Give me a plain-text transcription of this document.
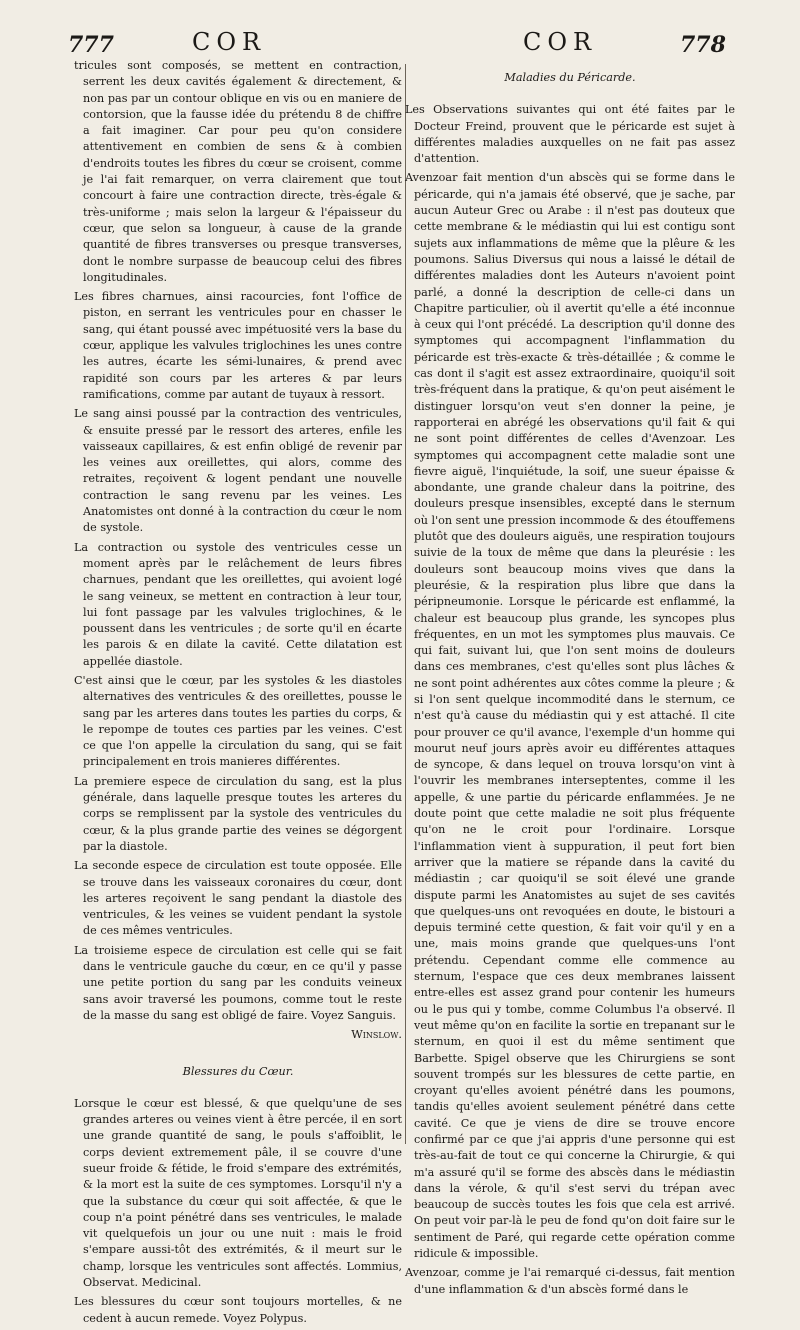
777	COR	COR	778

tricules sont composés, se mettent en contraction, serrent les deux cavités également & directement, & non pas par un contour oblique en vis ou en maniere de contorsion, que la fausse idée du prétendu 8 de chiffre a fait imaginer. Car pour peu qu'on considere attentivement en combien de sens & à combien d'endroits toutes les fibres du cœur se croisent, comme je l'ai fait remarquer, on verra clairement que tout concourt à faire une contraction directe, très-égale & très-uniforme ; mais selon la largeur & l'épaisseur du cœur, que selon sa longueur, à cause de la grande quantité de fibres transverses ou presque transverses, dont le nombre surpasse de beaucoup celui des fibres longitudinales.

Les fibres charnues, ainsi racourcies, font l'office de piston, en serrant les ventricules pour en chasser le sang, qui étant poussé avec impétuosité vers la base du cœur, applique les valvules triglochines les unes contre les autres, écarte les sémi-lunaires, & prend avec rapidité son cours par les arteres & par leurs ramifications, comme par autant de tuyaux à ressort.

Le sang ainsi poussé par la contraction des ventricules, & ensuite pressé par le ressort des arteres, enfile les vaisseaux capillaires, & est enfin obligé de revenir par les veines aux oreillettes, qui alors, comme des retraites, reçoivent & logent pendant une nouvelle contraction le sang revenu par les veines. Les Anatomistes ont donné à la contraction du cœur le nom de systole.

La contraction ou systole des ventricules cesse un moment après par le relâchement de leurs fibres charnues, pendant que les oreillettes, qui avoient logé le sang veineux, se mettent en contraction à leur tour, lui font passage par les valvules triglochines, & le poussent dans les ventricules ; de sorte qu'il en écarte les parois & en dilate la cavité. Cette dilatation est appellée diastole.

C'est ainsi que le cœur, par les systoles & les diastoles alternatives des ventricules & des oreillettes, pousse le sang par les arteres dans toutes les parties du corps, & le repompe de toutes ces parties par les veines. C'est ce que l'on appelle la circulation du sang, qui se fait principalement en trois manieres différentes.

La premiere espece de circulation du sang, est la plus générale, dans laquelle presque toutes les arteres du corps se remplissent par la systole des ventricules du cœur, & la plus grande partie des veines se dégorgent par la diastole.

La seconde espece de circulation est toute opposée. Elle se trouve dans les vaisseaux coronaires du cœur, dont les arteres reçoivent le sang pendant la diastole des ventricules, & les veines se vuident pendant la systole de ces mêmes ventricules.

La troisieme espece de circulation est celle qui se fait dans le ventricule gauche du cœur, en ce qu'il y passe une petite portion du sang par les conduits veineux sans avoir traversé les poumons, comme tout le reste de la masse du sang est obligé de faire. Voyez Sanguis.

Winslow.

Blessures du Cœur.

Lorsque le cœur est blessé, & que quelqu'une de ses grandes arteres ou veines vient à être percée, il en sort une grande quantité de sang, le pouls s'affoiblit, le corps devient extremement pâle, il se couvre d'une sueur froide & fétide, le froid s'empare des extrémités, & la mort est la suite de ces symptomes. Lorsqu'il n'y a que la substance du cœur qui soit affectée, & que le coup n'a point pénétré dans ses ventricules, le malade vit quelquefois un jour ou une nuit : mais le froid s'empare aussi-tôt des extrémités, & il meurt sur le champ, lorsque les ventricules sont affectés. Lommius, Observat. Medicinal.

Les blessures du cœur sont toujours mortelles, & ne cedent à aucun remede. Voyez Polypus.

Maladies du Péricarde.

Les Observations suivantes qui ont été faites par le Docteur Freind, prouvent que le péricarde est sujet à différentes maladies auxquelles on ne fait pas assez d'attention.

Avenzoar fait mention d'un abscès qui se forme dans le péricarde, qui n'a jamais été observé, que je sache, par aucun Auteur Grec ou Arabe : il n'est pas douteux que cette membrane & le médiastin qui lui est contigu sont sujets aux inflammations de même que la plêure & les poumons. Salius Diversus qui nous a laissé le détail de différentes maladies dont les Auteurs n'avoient point parlé, a donné la description de celle-ci dans un Chapitre particulier, où il avertit qu'elle a été inconnue à ceux qui l'ont précédé. La description qu'il donne des symptomes qui accompagnent l'inflammation du péricarde est très-exacte & très-détaillée ; & comme le cas dont il s'agit est assez extraordinaire, quoiqu'il soit très-fréquent dans la pratique, & qu'on peut aisément le distinguer lorsqu'on veut s'en donner la peine, je rapporterai en abrégé les observations qu'il fait & qui ne sont point différentes de celles d'Avenzoar. Les symptomes qui accompagnent cette maladie sont une fievre aiguë, l'inquiétude, la soif, une sueur épaisse & abondante, une grande chaleur dans la poitrine, des douleurs presque insensibles, excepté dans le sternum où l'on sent une pression incommode & des étouffemens plutôt que des douleurs aiguës, une respiration toujours suivie de la toux de même que dans la pleurésie : les douleurs sont beaucoup moins vives que dans la pleurésie, & la respiration plus libre que dans la péripneumonie. Lorsque le péricarde est enflammé, la chaleur est beaucoup plus grande, les syncopes plus fréquentes, en un mot les symptomes plus mauvais. Ce qui fait, suivant lui, que l'on sent moins de douleurs dans ces membranes, c'est qu'elles sont plus lâches & ne sont point adhérentes aux côtes comme la pleure ; & si l'on sent quelque incommodité dans le sternum, ce n'est qu'à cause du médiastin qui y est attaché. Il cite pour prouver ce qu'il avance, l'exemple d'un homme qui mourut neuf jours après avoir eu différentes attaques de syncope, & dans lequel on trouva lorsqu'on vint à l'ouvrir les membranes interseptentes, comme il les appelle, & une partie du péricarde enflammées. Je ne doute point que cette maladie ne soit plus fréquente qu'on ne le croit pour l'ordinaire. Lorsque l'inflammation vient à suppuration, il peut fort bien arriver que la matiere se répande dans la cavité du médiastin ; car quoiqu'il se soit élevé une grande dispute parmi les Anatomistes au sujet de ses cavités que quelques-uns ont revoquées en doute, le bistouri a depuis terminé cette question, & fait voir qu'il y en a une, mais moins grande que quelques-uns l'ont prétendu. Cependant comme elle commence au sternum, l'espace que ces deux membranes laissent entre-elles est assez grand pour contenir les humeurs ou le pus qui y tombe, comme Columbus l'a observé. Il veut même qu'on en facilite la sortie en trepanant sur le sternum, en quoi il est du même sentiment que Barbette. Spigel observe que les Chirurgiens se sont souvent trompés sur les blessures de cette partie, en croyant qu'elles avoient pénétré dans les poumons, tandis qu'elles avoient seulement pénétré dans cette cavité. Ce que je viens de dire se trouve encore confirmé par ce que j'ai appris d'une personne qui est très-au-fait de tout ce qui concerne la Chirurgie, & qui m'a assuré qu'il se forme des abscès dans le médiastin dans la vérole, & qu'il s'est servi du trépan avec beaucoup de succès toutes les fois que cela est arrivé. On peut voir par-là le peu de fond qu'on doit faire sur le sentiment de Paré, qui regarde cette opération comme ridicule & impossible.

Avenzoar, comme je l'ai remarqué ci-dessus, fait mention d'une inflammation & d'un abscès formé dans le
